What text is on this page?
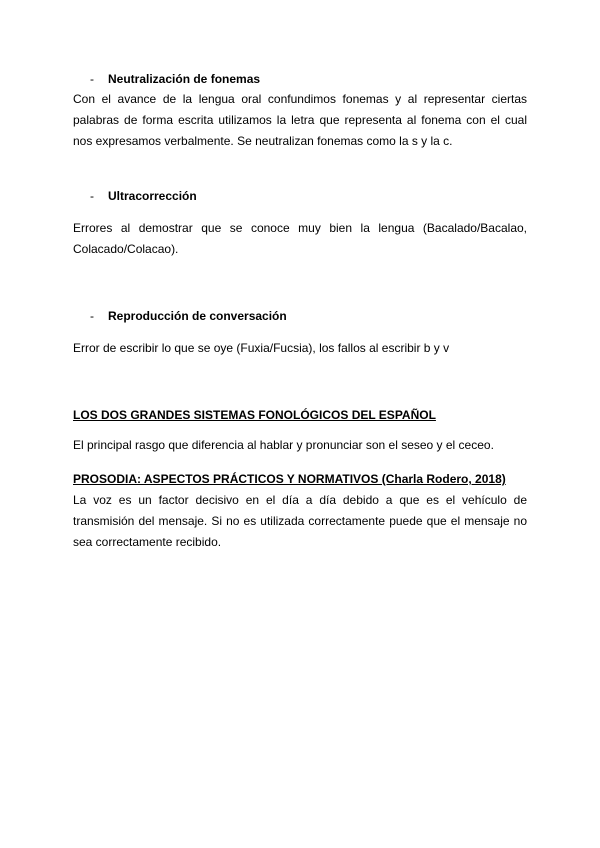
- Neutralización de fonemas

Con el avance de la lengua oral confundimos fonemas y al representar ciertas palabras de forma escrita utilizamos la letra que representa al fonema con el cual nos expresamos verbalmente. Se neutralizan fonemas como la s y la c.

- Ultracorrección

Errores al demostrar que se conoce muy bien la lengua (Bacalado/Bacalao, Colacado/Colacao).

- Reproducción de conversación

Error de escribir lo que se oye (Fuxia/Fucsia), los fallos al escribir b y v

LOS DOS GRANDES SISTEMAS FONOLÓGICOS DEL ESPAÑOL

El principal rasgo que diferencia al hablar y pronunciar son el seseo y el ceceo.

PROSODIA: ASPECTOS PRÁCTICOS Y NORMATIVOS (Charla Rodero, 2018)

La voz es un factor decisivo en el día a día debido a que es el vehículo de transmisión del mensaje. Si no es utilizada correctamente puede que el mensaje no sea correctamente recibido.
